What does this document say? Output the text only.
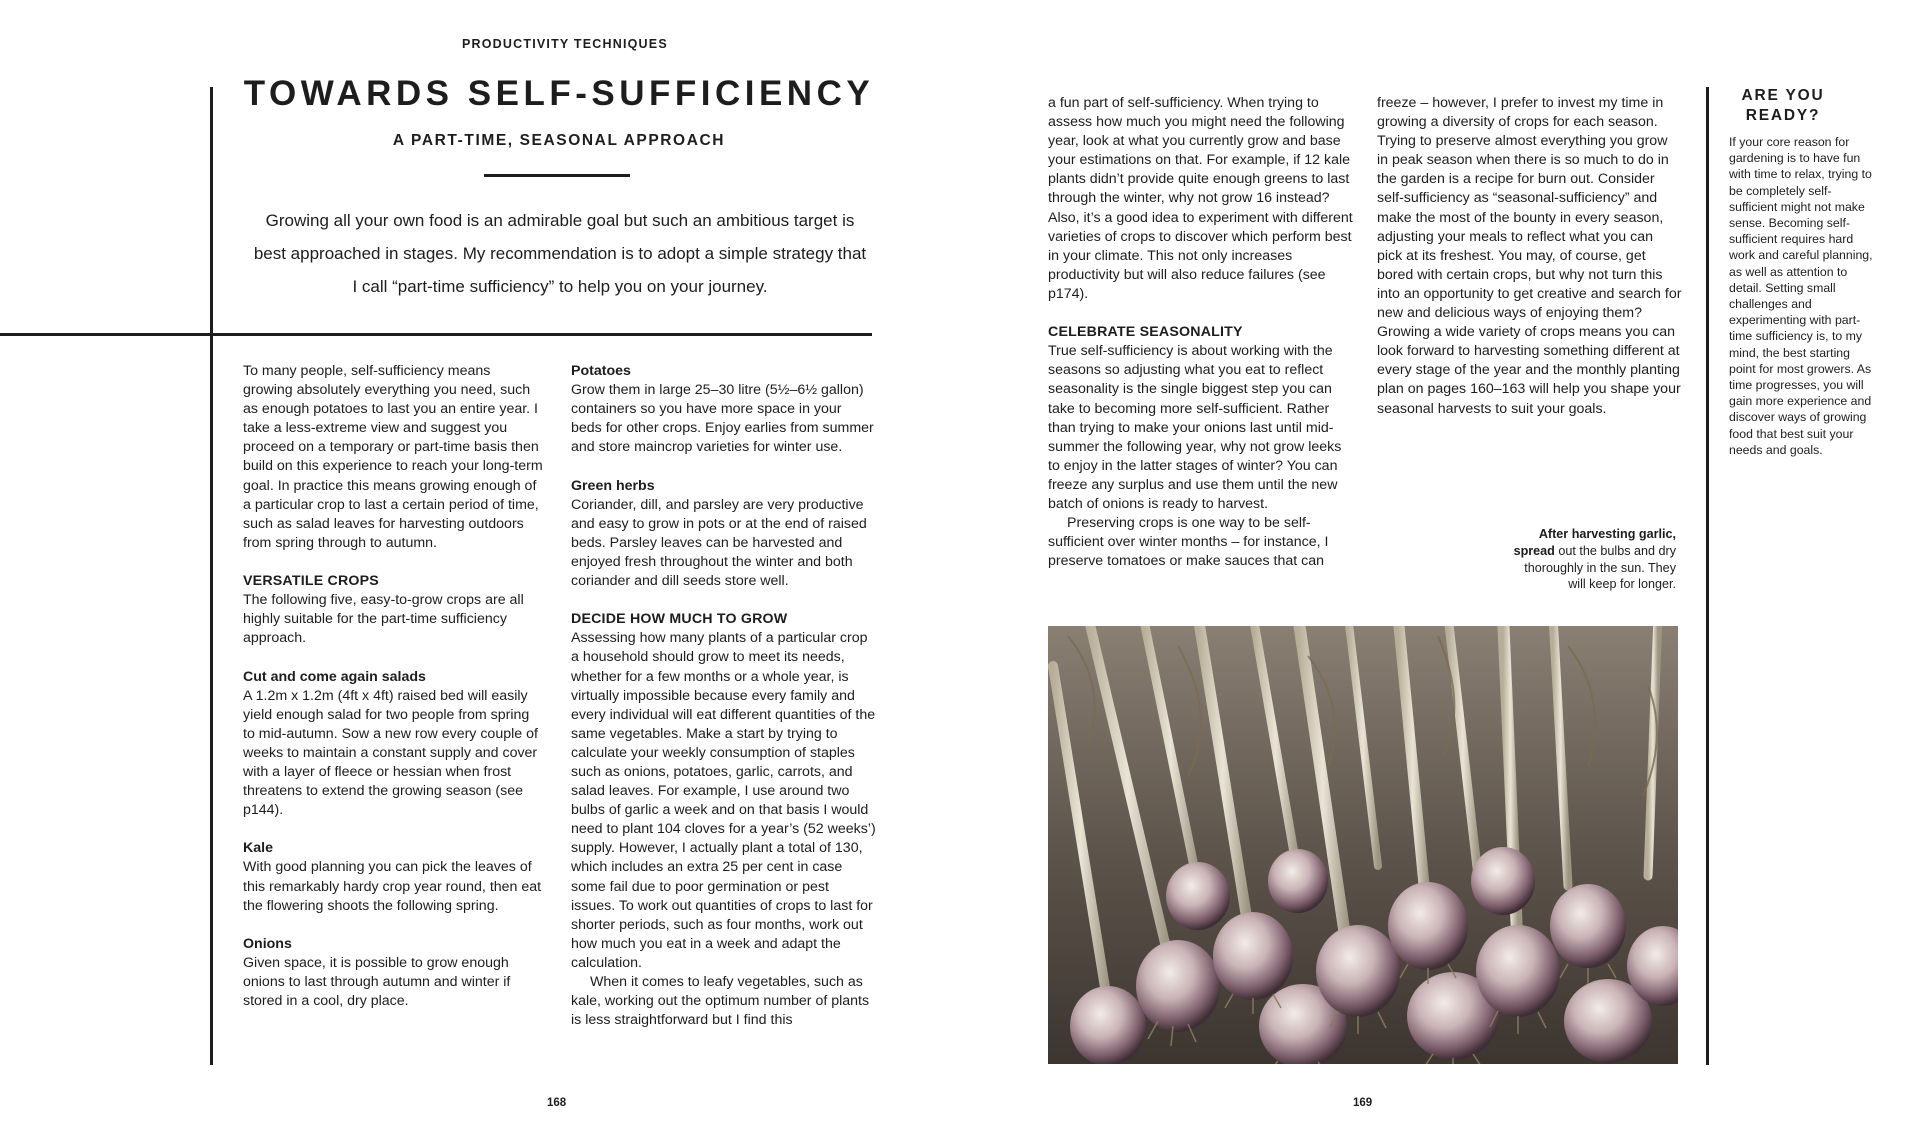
PRODUCTIVITY TECHNIQUES
TOWARDS SELF-SUFFICIENCY
A PART-TIME, SEASONAL APPROACH
Growing all your own food is an admirable goal but such an ambitious target is best approached in stages. My recommendation is to adopt a simple strategy that I call “part-time sufficiency” to help you on your journey.

To many people, self-sufficiency means growing absolutely everything you need, such as enough potatoes to last you an entire year. I take a less-extreme view and suggest you proceed on a temporary or part-time basis then build on this experience to reach your long-term goal. In practice this means growing enough of a particular crop to last a certain period of time, such as salad leaves for harvesting outdoors from spring through to autumn.

VERSATILE CROPS

The following five, easy-to-grow crops are all highly suitable for the part-time sufficiency approach.

Cut and come again salads

A 1.2m x 1.2m (4ft x 4ft) raised bed will easily yield enough salad for two people from spring to mid-autumn. Sow a new row every couple of weeks to maintain a constant supply and cover with a layer of fleece or hessian when frost threatens to extend the growing season (see p144).

Kale

With good planning you can pick the leaves of this remarkably hardy crop year round, then eat the flowering shoots the following spring.

Onions

Given space, it is possible to grow enough onions to last through autumn and winter if stored in a cool, dry place.

Potatoes

Grow them in large 25–30 litre (5½–6½ gallon) containers so you have more space in your beds for other crops. Enjoy earlies from summer and store maincrop varieties for winter use.

Green herbs

Coriander, dill, and parsley are very productive and easy to grow in pots or at the end of raised beds. Parsley leaves can be harvested and enjoyed fresh throughout the winter and both coriander and dill seeds store well.

DECIDE HOW MUCH TO GROW

Assessing how many plants of a particular crop a household should grow to meet its needs, whether for a few months or a whole year, is virtually impossible because every family and every individual will eat different quantities of the same vegetables. Make a start by trying to calculate your weekly consumption of staples such as onions, potatoes, garlic, carrots, and salad leaves. For example, I use around two bulbs of garlic a week and on that basis I would need to plant 104 cloves for a year’s (52 weeks’) supply. However, I actually plant a total of 130, which includes an extra 25 per cent in case some fail due to poor germination or pest issues. To work out quantities of crops to last for shorter periods, such as four months, work out how much you eat in a week and adapt the calculation.

When it comes to leafy vegetables, such as kale, working out the optimum number of plants is less straightforward but I find this

a fun part of self-sufficiency. When trying to assess how much you might need the following year, look at what you currently grow and base your estimations on that. For example, if 12 kale plants didn’t provide quite enough greens to last through the winter, why not grow 16 instead? Also, it’s a good idea to experiment with different varieties of crops to discover which perform best in your climate. This not only increases productivity but will also reduce failures (see p174).

CELEBRATE SEASONALITY

True self-sufficiency is about working with the seasons so adjusting what you eat to reflect seasonality is the single biggest step you can take to becoming more self-sufficient. Rather than trying to make your onions last until mid-summer the following year, why not grow leeks to enjoy in the latter stages of winter? You can freeze any surplus and use them until the new batch of onions is ready to harvest.

Preserving crops is one way to be self-sufficient over winter months – for instance, I preserve tomatoes or make sauces that can

freeze – however, I prefer to invest my time in growing a diversity of crops for each season. Trying to preserve almost everything you grow in peak season when there is so much to do in the garden is a recipe for burn out. Consider self-sufficiency as “seasonal-sufficiency” and make the most of the bounty in every season, adjusting your meals to reflect what you can pick at its freshest. You may, of course, get bored with certain crops, but why not turn this into an opportunity to get creative and search for new and delicious ways of enjoying them? Growing a wide variety of crops means you can look forward to harvesting something different at every stage of the year and the monthly planting plan on pages 160–163 will help you shape your seasonal harvests to suit your goals.

After harvesting garlic, spread out the bulbs and dry thoroughly in the sun. They will keep for longer.
ARE YOU READY?
If your core reason for gardening is to have fun with time to relax, trying to be completely self-sufficient might not make sense. Becoming self-sufficient requires hard work and careful planning, as well as attention to detail. Setting small challenges and experimenting with part-time sufficiency is, to my mind, the best starting point for most growers. As time progresses, you will gain more experience and discover ways of growing food that best suit your needs and goals.
168	169
